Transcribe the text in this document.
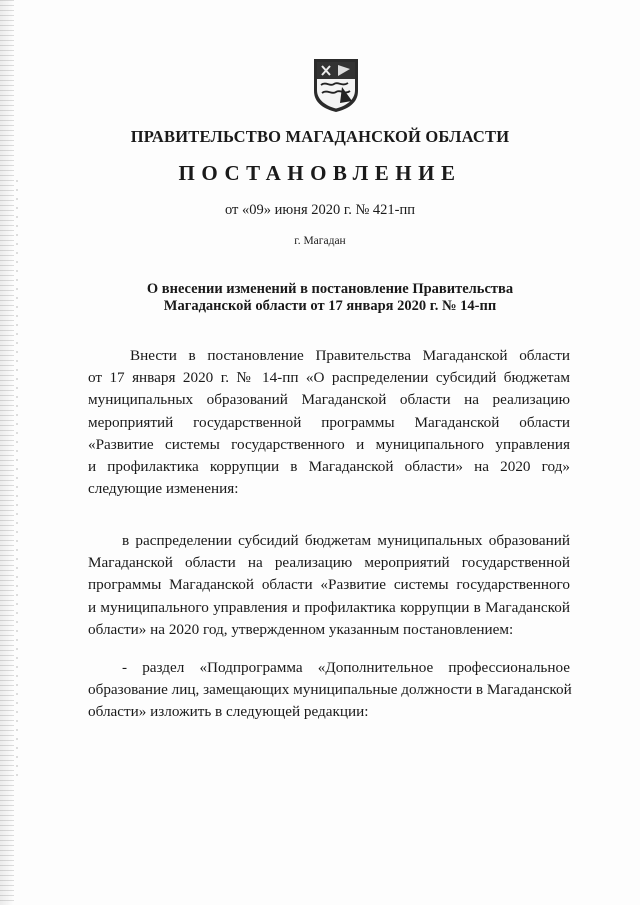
ПРАВИТЕЛЬСТВО МАГАДАНСКОЙ ОБЛАСТИ
ПОСТАНОВЛЕНИЕ
от «09» июня 2020 г. № 421-пп
г. Магадан
О внесении изменений в постановление Правительства
Магаданской области от 17 января 2020 г. № 14-пп
Внести в постановление Правительства Магаданской области
от 17 января 2020 г. № 14-пп «О распределении субсидий бюджетам
муниципальных образований Магаданской области на реализацию
мероприятий государственной программы Магаданской области
«Развитие системы государственного и муниципального управления
и профилактика коррупции в Магаданской области» на 2020 год»
следующие изменения:
в распределении субсидий бюджетам муниципальных образований
Магаданской области на реализацию мероприятий государственной
программы Магаданской области «Развитие системы государственного
и муниципального управления и профилактика коррупции в Магаданской
области» на 2020 год, утвержденном указанным постановлением:
- раздел «Подпрограмма «Дополнительное профессиональное
образование лиц, замещающих муниципальные должности в Магаданской
области» изложить в следующей редакции:
